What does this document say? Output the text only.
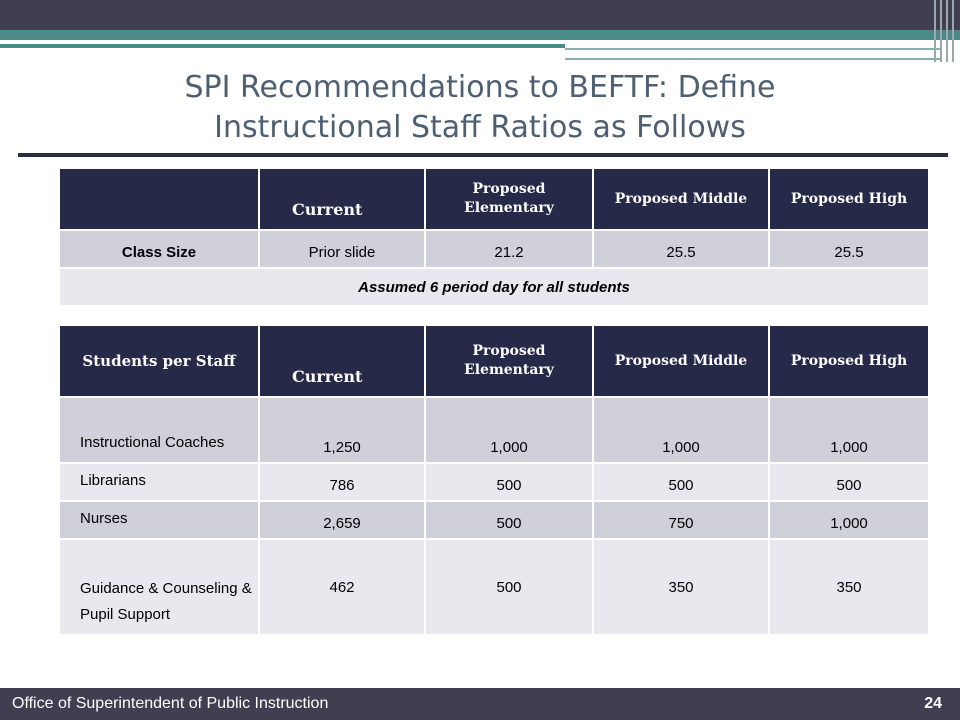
SPI Recommendations to BEFTF: Define
Instructional Staff Ratios as Follows
	Current	Proposed Elementary	Proposed Middle	Proposed High
Class Size	Prior slide	21.2	25.5	25.5
Assumed 6 period day for all students				
Students per Staff	Current	Proposed Elementary	Proposed Middle	Proposed High
Instructional Coaches	1,250	1,000	1,000	1,000
Librarians	786	500	500	500
Nurses	2,659	500	750	1,000
Guidance & Counseling & Pupil Support	462	500	350	350
Office of Superintendent of Public Instruction	24
